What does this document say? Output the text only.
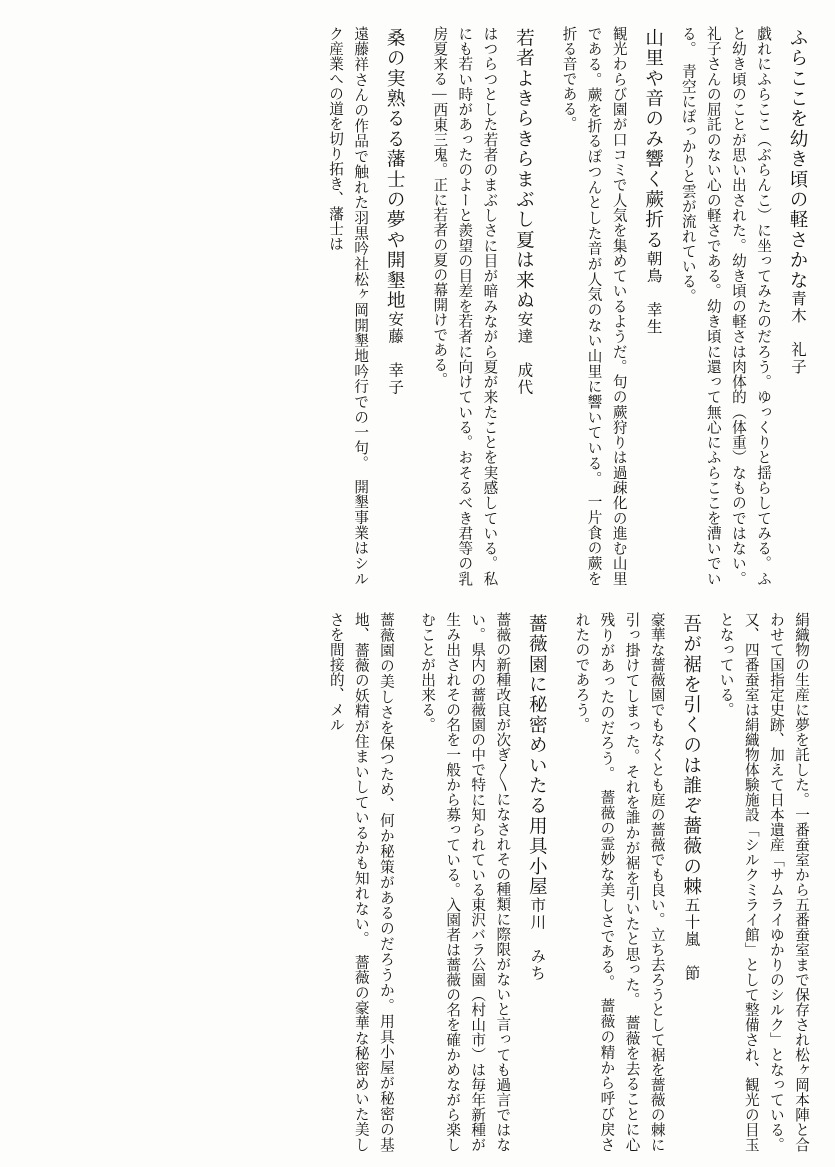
ふらここを幼き頃の軽さかな青木　礼子
戯れにふらここ（ぶらんこ）に坐ってみたのだろう。ゆっくりと揺らしてみる。ふと幼き頃のことが思い出された。幼き頃の軽さは肉体的（体重）なものではない。礼子さんの屈託のない心の軽さである。幼き頃に還って無心にふらここを漕いでいる。　青空にぽっかりと雲が流れている。
山里や音のみ響く蕨折る朝鳥　幸生
観光わらび園が口コミで人気を集めているようだ。句の蕨狩りは過疎化の進む山里である。蕨を折るぽつんとした音が人気のない山里に響いている。　一片食の蕨を折る音である。
若者よきらきらまぶし夏は来ぬ安達　成代
はつらつとした若者のまぶしさに目が暗みながら夏が来たことを実感している。私にも若い時があったのよーと羨望の目差を若者に向けている。おそるべき君等の乳房夏来る―西東三鬼。正に若者の夏の幕開けである。
桑の実熟るる藩士の夢や開墾地安藤　幸子
遠藤祥さんの作品で触れた羽黒吟社松ヶ岡開墾地吟行での一句。　開墾事業はシルク産業への道を切り拓き、藩士は
絹織物の生産に夢を託した。一番蚕室から五番蚕室まで保存され松ヶ岡本陣と合わせて国指定史跡、加えて日本遺産「サムライゆかりのシルク」となっている。又、四番蚕室は絹織物体験施設「シルクミライ館」として整備され、観光の目玉となっている。
吾が裾を引くのは誰ぞ薔薇の棘五十嵐　節
豪華な薔薇園でもなくとも庭の薔薇でも良い。立ち去ろうとして裾を薔薇の棘に引っ掛けてしまった。それを誰かが裾を引いたと思った。　薔薇を去ることに心残りがあったのだろう。　薔薇の霊妙な美しさである。　薔薇の精から呼び戻されたのであろう。
薔薇園に秘密めいたる用具小屋市川　みち
薔薇の新種改良が次ぎ〳〵になされその種類に際限がないと言っても過言ではない。県内の薔薇園の中で特に知られている東沢バラ公園（村山市）は毎年新種が生み出されその名を一般から募っている。入園者は薔薇の名を確かめながら楽しむことが出来る。
薔薇園の美しさを保つため、何か秘策があるのだろうか。用具小屋が秘密の基地、薔薇の妖精が住まいしているかも知れない。　薔薇の豪華な秘密めいた美しさを間接的、メル
